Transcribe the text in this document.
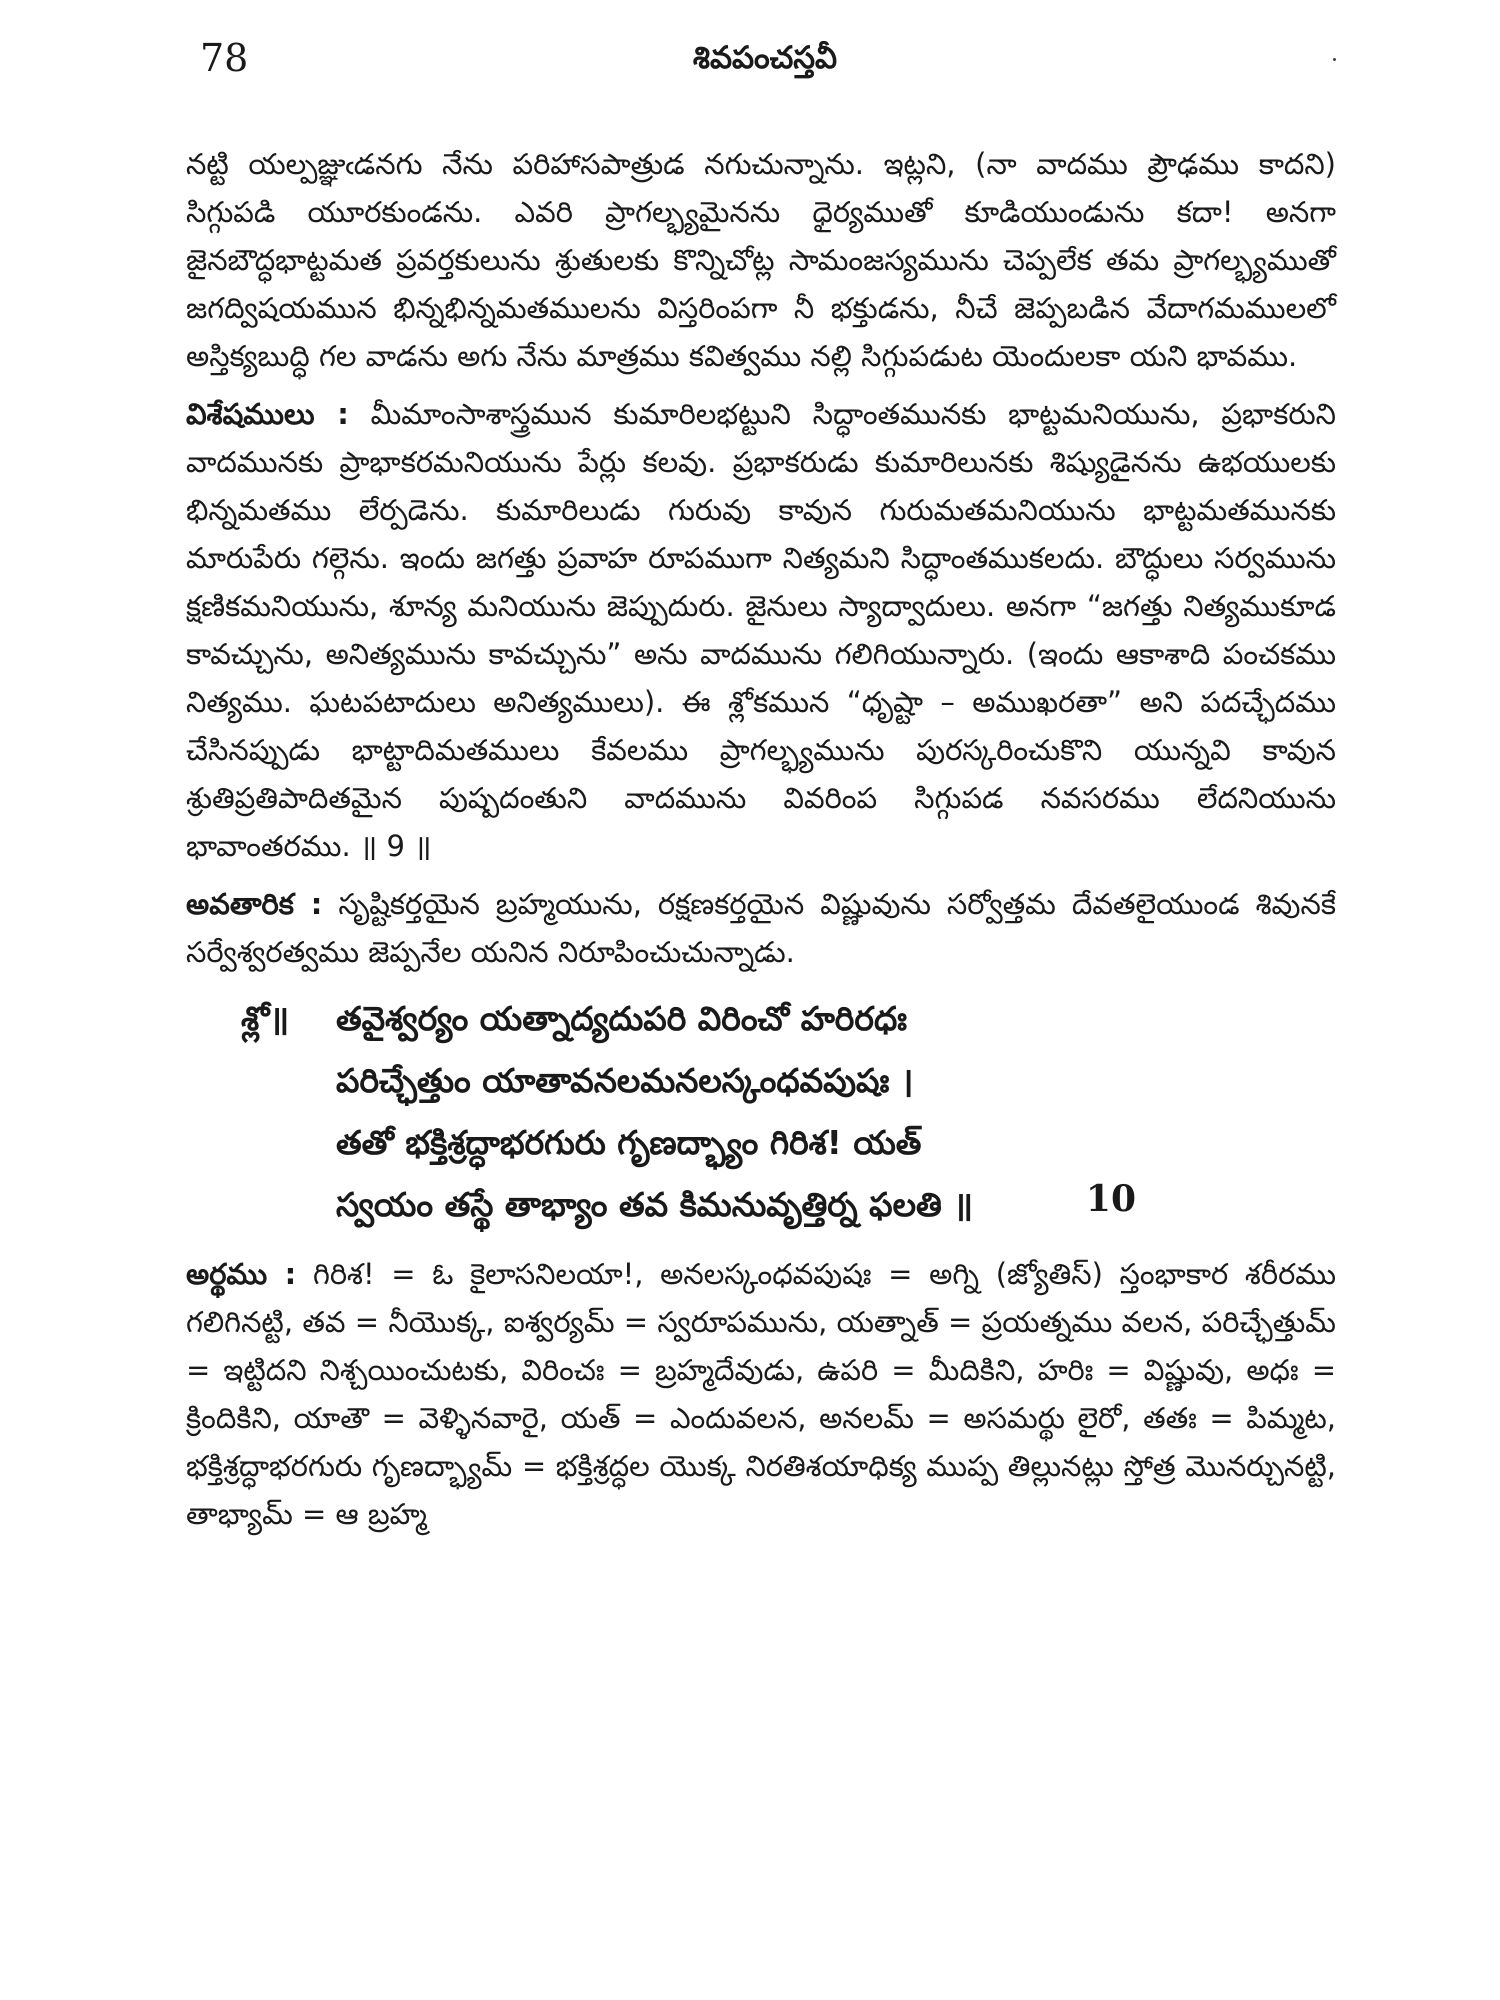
78	శివపంచస్తవీ

నట్టి యల్పజ్ఞుఁడనగు నేను పరిహాసపాత్రుడ నగుచున్నాను. ఇట్లని, (నా వాదము ప్రౌఢము కాదని) సిగ్గుపడి యూరకుండను. ఎవరి ప్రాగల్భ్యమైనను ధైర్యముతో కూడియుండును కదా! అనగా జైనబౌద్ధభాట్టమత ప్రవర్తకులును శ్రుతులకు కొన్నిచోట్ల సామంజస్యమును చెప్పలేక తమ ప్రాగల్భ్యముతో జగద్విషయమున భిన్నభిన్నమతములను విస్తరింపగా నీ భక్తుడను, నీచే జెప్పబడిన వేదాగమములలో అస్తిక్యబుద్ధి గల వాడను అగు నేను మాత్రము కవిత్వము నల్లి సిగ్గుపడుట యెందులకా యని భావము.

విశేషములు : మీమాంసాశాస్త్రమున కుమారిలభట్టుని సిద్ధాంతమునకు భాట్టమనియును, ప్రభాకరుని వాదమునకు ప్రాభాకరమనియును పేర్లు కలవు. ప్రభాకరుడు కుమారిలునకు శిష్యుడైనను ఉభయులకు భిన్నమతము లేర్పడెను. కుమారిలుడు గురువు కావున గురుమతమనియును భాట్టమతమునకు మారుపేరు గల్గెను. ఇందు జగత్తు ప్రవాహ రూపముగా నిత్యమని సిద్ధాంతముకలదు. బౌద్ధులు సర్వమును క్షణికమనియును, శూన్య మనియును జెప్పుదురు. జైనులు స్యాద్వాదులు. అనగా “జగత్తు నిత్యముకూడ కావచ్చును, అనిత్యమును కావచ్చును” అను వాదమును గలిగియున్నారు. (ఇందు ఆకాశాది పంచకము నిత్యము. ఘటపటాదులు అనిత్యములు). ఈ శ్లోకమున “ధృష్టా – అముఖరతా” అని పదచ్ఛేదము చేసినప్పుడు భాట్టాదిమతములు కేవలము ప్రాగల్భ్యమును పురస్కరించుకొని యున్నవి కావున శ్రుతిప్రతిపాదితమైన పుష్పదంతుని వాదమును వివరింప సిగ్గుపడ నవసరము లేదనియును భావాంతరము. ॥ 9 ॥

అవతారిక : సృష్టికర్తయైన బ్రహ్మయును, రక్షణకర్తయైన విష్ణువును సర్వోత్తమ దేవతలైయుండ శివునకే సర్వేశ్వరత్వము జెప్పనేల యనిన నిరూపించుచున్నాడు.

శ్లో॥ తవైశ్వర్యం యత్నాద్యదుపరి విరించో హరిరధః
పరిచ్ఛేత్తుం యాతావనలమనలస్కంధవపుషః ।
తతో భక్తిశ్రద్ధాభరగురు గృణద్భ్యాం గిరిశ! యత్
స్వయం తస్థే తాభ్యాం తవ కిమనువృత్తిర్న ఫలతి ॥	10

అర్థము : గిరిశ! = ఓ కైలాసనిలయా!, అనలస్కంధవపుషః = అగ్ని (జ్యోతిస్) స్తంభాకార శరీరము గలిగినట్టి, తవ = నీయొక్క, ఐశ్వర్యమ్ = స్వరూపమును, యత్నాత్ = ప్రయత్నము వలన, పరిచ్ఛేత్తుమ్ = ఇట్టిదని నిశ్చయించుటకు, విరించః = బ్రహ్మదేవుడు, ఉపరి = మీదికిని, హరిః = విష్ణువు, అధః = క్రిందికిని, యాతౌ = వెళ్ళినవారై, యత్ = ఎందువలన, అనలమ్ = అసమర్థు లైరో, తతః = పిమ్మట, భక్తిశ్రద్ధాభరగురు గృణద్భ్యామ్ = భక్తిశ్రద్ధల యొక్క నిరతిశయాధిక్య ముప్ప తిల్లునట్లు స్తోత్ర మొనర్చునట్టి, తాభ్యామ్ = ఆ బ్రహ్మ
